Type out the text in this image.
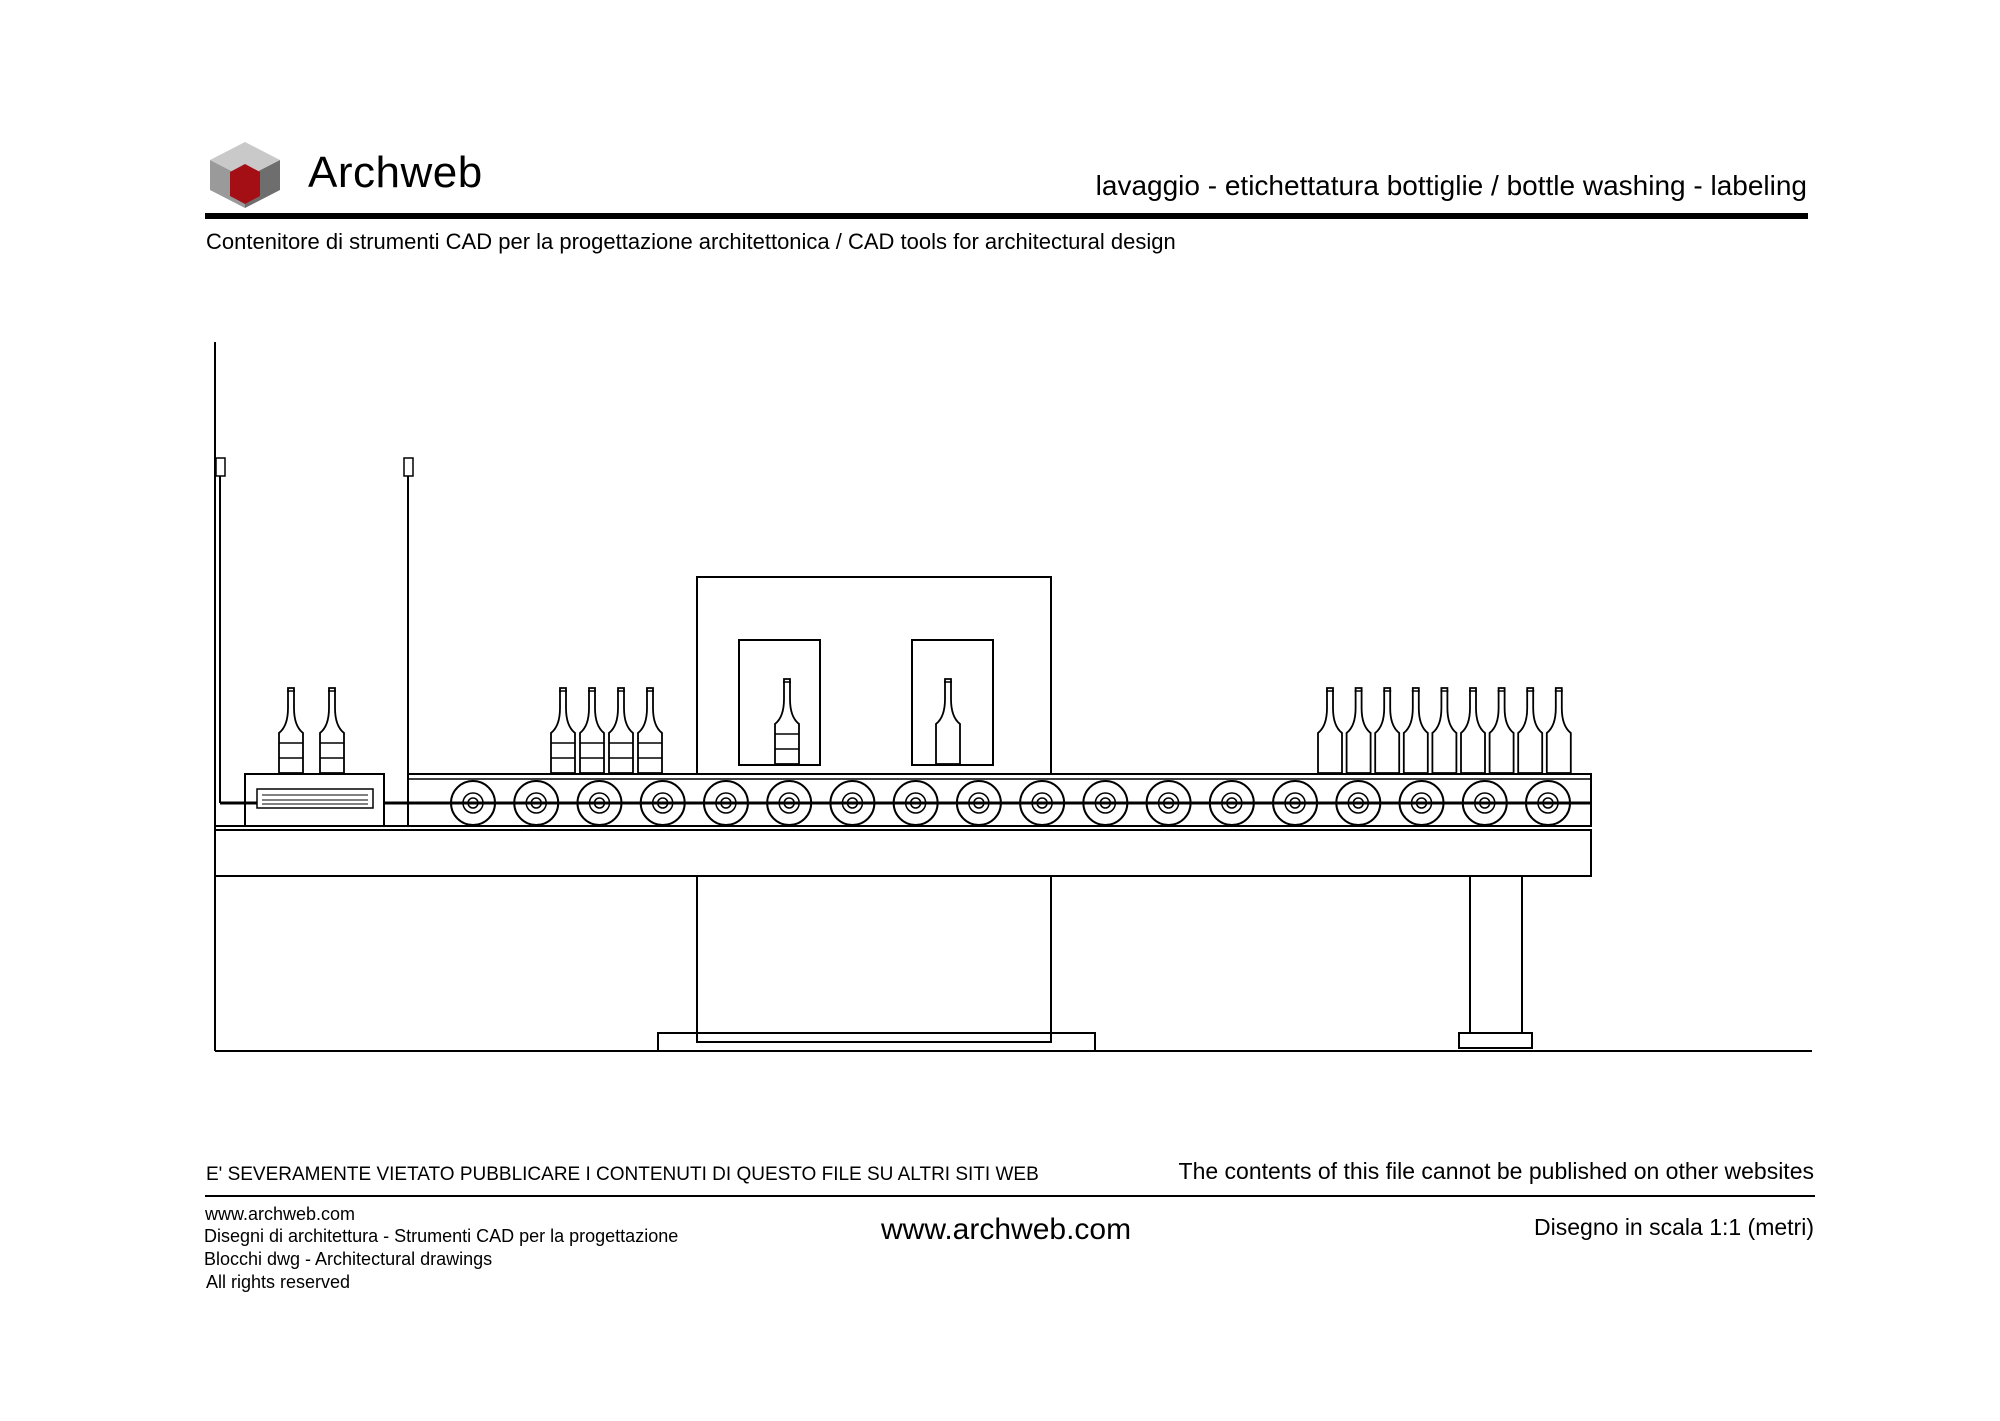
Archweb	lavaggio - etichettatura bottiglie / bottle washing - labeling
Contenitore di strumenti CAD per la progettazione architettonica / CAD tools for architectural design
E' SEVERAMENTE VIETATO PUBBLICARE I CONTENUTI DI QUESTO FILE SU ALTRI SITI WEB	The contents of this file cannot be published on other websites
www.archweb.com
Disegni di architettura - Strumenti CAD per la progettazione
Blocchi dwg - Architectural drawings
All rights reserved
www.archweb.com	Disegno in scala 1:1 (metri)
